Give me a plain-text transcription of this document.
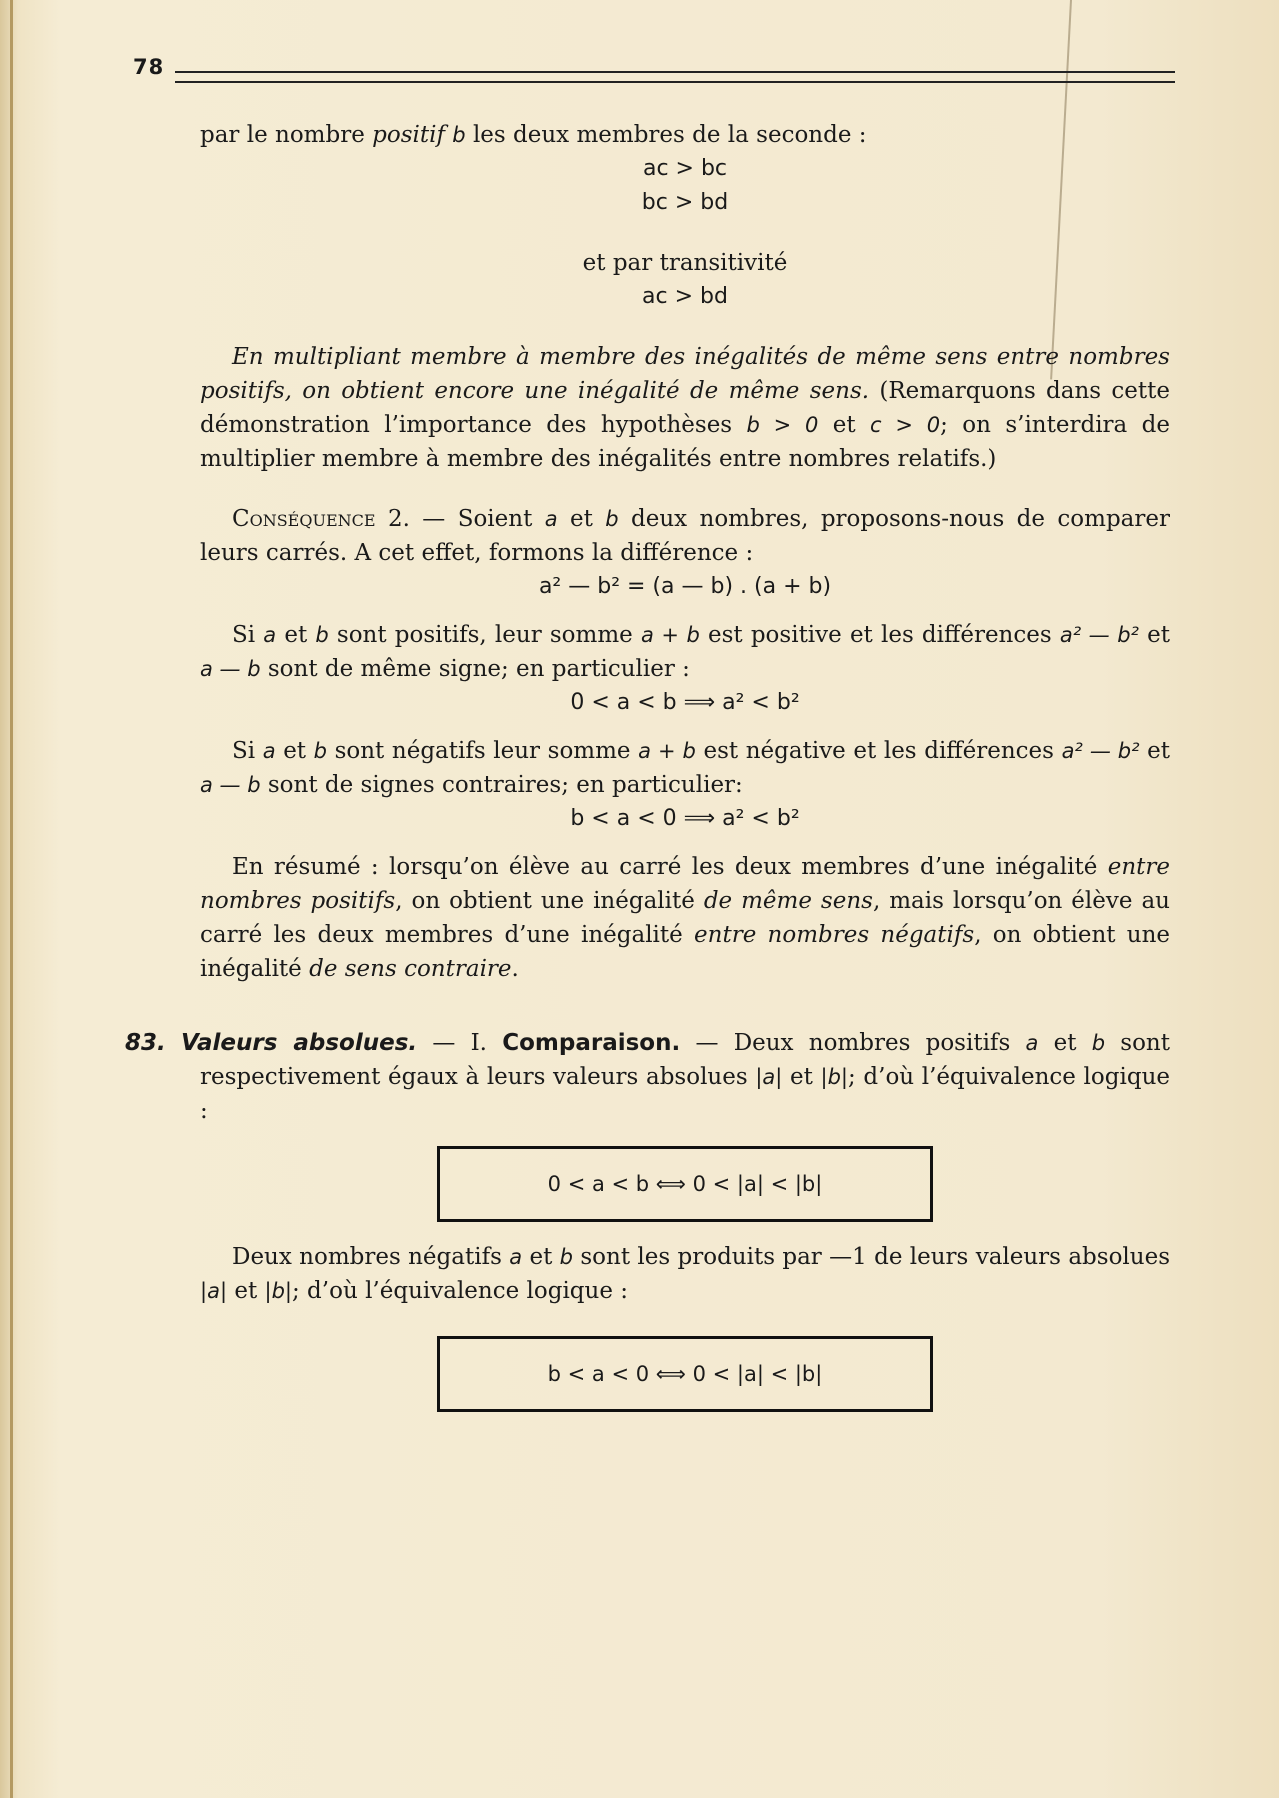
78

par le nombre positif b les deux membres de la seconde :

ac > bc
bc > bd

et par transitivité

ac > bd

En multipliant membre à membre des inégalités de même sens entre nombres positifs, on obtient encore une inégalité de même sens. (Remarquons dans cette démonstration l’importance des hypothèses b > 0 et c > 0; on s’interdira de multiplier membre à membre des inégalités entre nombres relatifs.)

Conséquence 2. — Soient a et b deux nombres, proposons-nous de comparer leurs carrés. A cet effet, formons la différence :

a² — b² = (a — b) . (a + b)

Si a et b sont positifs, leur somme a + b est positive et les différences a² — b² et a — b sont de même signe; en particulier :

0 < a < b ⟹ a² < b²

Si a et b sont négatifs leur somme a + b est négative et les différences a² — b² et a — b sont de signes contraires; en particulier:

b < a < 0 ⟹ a² < b²

En résumé : lorsqu’on élève au carré les deux membres d’une inégalité entre nombres positifs, on obtient une inégalité de même sens, mais lorsqu’on élève au carré les deux membres d’une inégalité entre nombres négatifs, on obtient une inégalité de sens contraire.

83. Valeurs absolues. — I. Comparaison. — Deux nombres positifs a et b sont respectivement égaux à leurs valeurs absolues |a| et |b|; d’où l’équivalence logique :

0 < a < b ⟺ 0 < |a| < |b|

Deux nombres négatifs a et b sont les produits par —1 de leurs valeurs absolues |a| et |b|; d’où l’équivalence logique :

b < a < 0 ⟺ 0 < |a| < |b|
